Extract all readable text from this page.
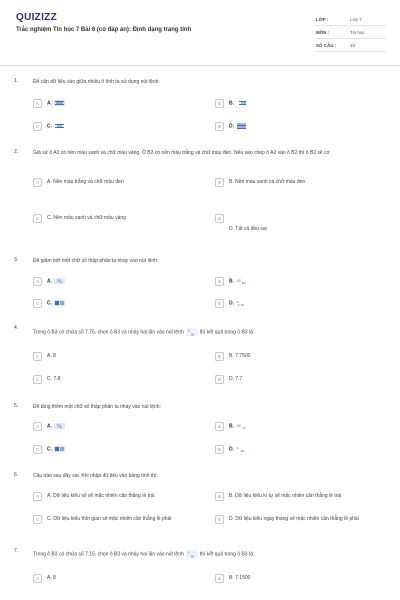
QUIZIZZ
Trắc nghiệm Tin học 7 Bài 6 (có đáp án): Định dạng trang tính
LỚP :	Lớp 7
MÔN :	Tin học
SỐ CÂU :	10
1.	Để căn dữ liệu vào giữa nhiều ô tính ta sử dụng nút lệnh:
A	A.	B	B.
C	C.	D	D.
2.	Giả sử ô A2 có nền màu xanh và chữ màu vàng. Ô B2 có nền màu trắng và chữ màu đen. Nếu sao chép ô A2 vào ô B2 thì ô B2 sẽ có:
A	A. Nền màu trắng và chữ màu đen	B	B. Nền màu xanh và chữ màu đen
C	C. Nền màu xanh và chữ màu vàng	D
D. Tất cả đều sai
3.	Để giảm bớt một chữ số thập phân ta nháy vào nút lệnh:
A	A. %	B	B. .00
C	C.	D	D. .0
.00
4.
Trong ô B3 có chứa số 7.75, chọn ô B3 và nháy hai lần vào nút lệnh .0
.00 thì kết quả trong ô B3 là:
A	A. 8	B	B. 7.7500
C	C. 7.8	D	D. 7.7
5.	Để tăng thêm một chữ số thập phân ta nháy vào nút lệnh:
A	A. %	B	B. .00
C	C.	D	D. .0
.00
6.	Câu nào sau đây sai. Khi nhập dữ liệu vào bảng tính thì:
A	A. Dữ liệu kiểu số sẽ mặc nhiên căn thẳng lề trái	B	B. Dữ liệu kiểu kí tự sẽ mặc nhiên căn thẳng lề trái
C	C. Dữ liệu kiểu thời gian sẽ mặc nhiên căn thẳng lề phải	D	D. Dữ liệu kiểu ngày tháng sẽ mặc nhiên căn thẳng lề phải
7.
Trong ô B3 có chứa số 7.15, chọn ô B3 và nháy hai lần vào nút lệnh .0
.00 thì kết quả trong ô B3 là:
A	A. 8	B	B. 7.1500
